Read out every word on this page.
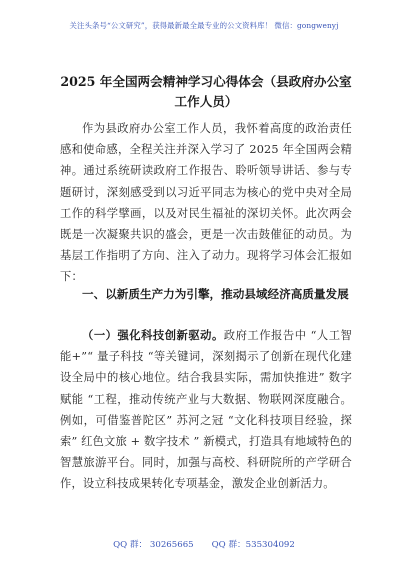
关注头条号“公文研究”，获得最新最全最专业的公文资料库！ 微信：gongwenyj
2025 年全国两会精神学习心得体会（县政府办公室工作人员）
作为县政府办公室工作人员，我怀着高度的政治责任感和使命感，全程关注并深入学习了 2025 年全国两会精神。通过系统研读政府工作报告、聆听领导讲话、参与专题研讨，深刻感受到以习近平同志为核心的党中央对全局工作的科学擘画，以及对民生福祉的深切关怀。此次两会既是一次凝聚共识的盛会，更是一次击鼓催征的动员。为基层工作指明了方向、注入了动力。现将学习体会汇报如下：
一、以新质生产力为引擎，推动县域经济高质量发展
（一）强化科技创新驱动。政府工作报告中 “人工智能+”“ 量子科技 “等关键词，深刻揭示了创新在现代化建设全局中的核心地位。结合我县实际，需加快推进” 数字赋能 “工程，推动传统产业与大数据、物联网深度融合。例如，可借鉴普陀区” 苏河之冠 “文化科技项目经验，探索” 红色文旅 + 数字技术 ” 新模式，打造具有地域特色的智慧旅游平台。同时，加强与高校、科研院所的产学研合作，设立科技成果转化专项基金，激发企业创新活力。
QQ 群： 30265665 QQ 群：535304092
